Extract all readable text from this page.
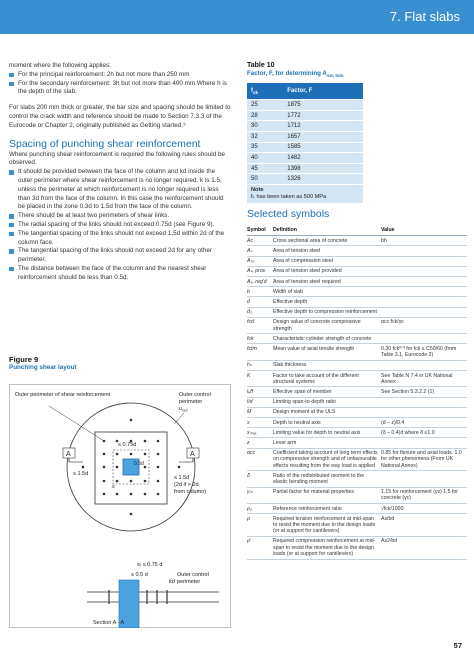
7. Flat slabs

moment where the following applies:

For the principal reinforcement: 2h but not more than 250 mm
For the secondary reinforcement: 3h but not more than 400 mm Where h is the depth of the slab.

For slabs 200 mm thick or greater, the bar size and spacing should be limited to control the crack width and reference should be made to Section 7.3.3 of the Eurocode or Chapter 2, originally published as Getting started.⁹

Spacing of punching shear reinforcement

Where punching shear reinforcement is required the following rules should be observed.

It should be provided between the face of the column and kd inside the outer perimeter where shear reinforcement is no longer required. k is 1.5, unless the perimeter at which reinforcement is no longer required is less than 3d from the face of the column. In this case the reinforcement should be placed in the zone 0.3d to 1.5d from the face of the column.
There should be at least two perimeters of shear links.
The radial spacing of the links should not exceed 0.75d (see Figure 9).
The tangential spacing of the links should not exceed 1.5d within 2d of the column face.
The tangential spacing of the links should not exceed 2d for any other perimeter.
The distance between the face of the column and the nearest shear reinforcement should be less than 0.5d.
Figure 9
Punching shear layout
A	A
Outer perimeter of shear reinforcement	Outer control
perimeter
$u_{out}$
≤ 0.75d
0.5d
≤ 1.5d
≤ 1.5d
(2d if > 2d
from column)
s
sᵣ ≤ 0.75 d
≤ 0.5 d
kd
Outer control
perimeter
Section A - A
Table 10
Factor, F, for determining $A_{sw, min}$
$f_{ck}$	Factor, F
25	1875
28	1772
30	1712
32	1657
35	1585
40	1482
45	1398
50	1326
Note
fₖ has been taken as 500 MPa
Selected symbols
Symbol	Definition	Value
Aᴄ	Cross sectional area of concrete	bh
Aₛ	Area of tension steel	
Aₛ₂	Area of compression steel	
Aₛ, prov	Area of tension steel provided	
Aₛ, req'd	Area of tension steel required	
b	Width of slab	
d	Effective depth	
d₂	Effective depth to compression reinforcement	
fᴄd	Design value of concrete compressive strength	αcc fck/γc
fᴄk	Characteristic cylinder strength of concrete	
fᴄtm	Mean value of axial tensile strength	0.30 fck²ᐟ³ for fck ≤ C50/60 (from Table 3.1, Eurocode 2)
hₛ	Slab thickness	
K	Factor to take account of the different structural systems	See Table N 7.4 in UK National Annex
lₑff	Effective span of member	See Section 5.3.2.2 (1)
l/d	Limiting span-to-depth ratio	
M	Design moment at the ULS	
x	Depth to neutral axis	(d – z)/0.4
xₘₐₓ	Limiting value for depth to neutral axis	(δ – 0.4)d where δ ≤1.0
z	Lever arm	
αcc	Coefficient taking account of long term effects on compressive strength and of unfavourable effects resulting from the way load is applied	0.85 for flexure and axial loads. 1.0 for other phenomena (From UK National Annex)
δ	Ratio of the redistributed moment to the elastic bending moment	
γₘ	Partial factor for material properties	1.15 for reinforcement (γs) 1.5 for concrete (γc)
ρ₀	Reference reinforcement ratio	√fck/1000
ρ	Required tension reinforcement at mid-span to resist the moment due to the design loads (or at support for cantilevers)	As/bd
ρ'	Required compression reinforcement at mid-span to resist the moment due to the design loads (or at support for cantilevers)	As2/bd
57
